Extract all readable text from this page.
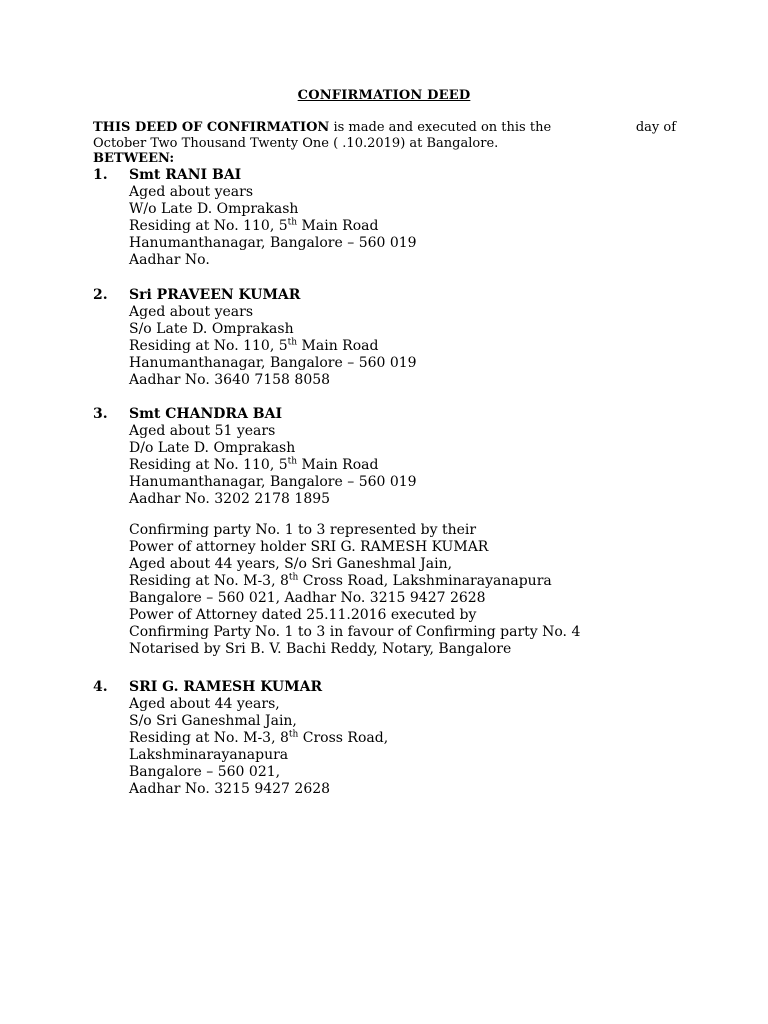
CONFIRMATION DEED
THIS DEED OF CONFIRMATION is made and executed on this the	day of
October Two Thousand Twenty One ( .10.2019) at Bangalore.
BETWEEN:
1. Smt RANI BAI
Aged about years
W/o Late D. Omprakash
Residing at No. 110, 5th Main Road
Hanumanthanagar, Bangalore – 560 019
Aadhar No.
2. Sri PRAVEEN KUMAR
Aged about years
S/o Late D. Omprakash
Residing at No. 110, 5th Main Road
Hanumanthanagar, Bangalore – 560 019
Aadhar No. 3640 7158 8058
3. Smt CHANDRA BAI
Aged about 51 years
D/o Late D. Omprakash
Residing at No. 110, 5th Main Road
Hanumanthanagar, Bangalore – 560 019
Aadhar No. 3202 2178 1895
Confirming party No. 1 to 3 represented by their
Power of attorney holder SRI G. RAMESH KUMAR
Aged about 44 years, S/o Sri Ganeshmal Jain,
Residing at No. M-3, 8th Cross Road, Lakshminarayanapura
Bangalore – 560 021, Aadhar No. 3215 9427 2628
Power of Attorney dated 25.11.2016 executed by
Confirming Party No. 1 to 3 in favour of Confirming party No. 4
Notarised by Sri B. V. Bachi Reddy, Notary, Bangalore
4. SRI G. RAMESH KUMAR
Aged about 44 years,
S/o Sri Ganeshmal Jain,
Residing at No. M-3, 8th Cross Road,
Lakshminarayanapura
Bangalore – 560 021,
Aadhar No. 3215 9427 2628
